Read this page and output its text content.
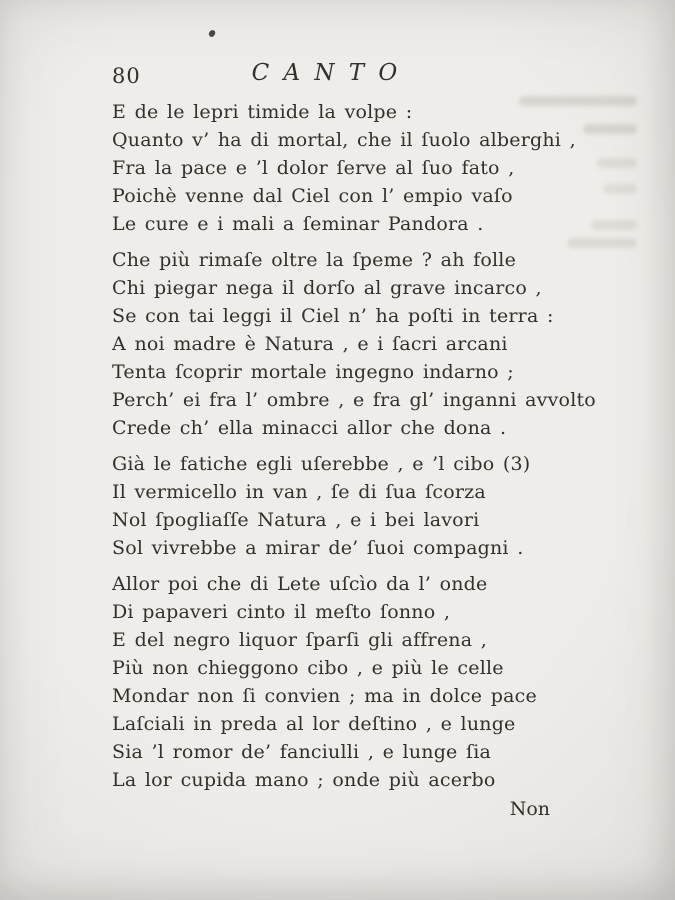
80	CANTO
E de le lepri timide la volpe :
Quanto v’ ha di mortal, che il ſuolo alberghi ,
Fra la pace e ’l dolor ſerve al ſuo fato ,
Poichè venne dal Ciel con l’ empio vaſo
Le cure e i mali a ſeminar Pandora .
Che più rimaſe oltre la ſpeme ? ah folle
Chi piegar nega il dorſo al grave incarco ,
Se con tai leggi il Ciel n’ ha poſti in terra :
A noi madre è Natura , e i ſacri arcani
Tenta ſcoprir mortale ingegno indarno ;
Perch’ ei fra l’ ombre , e fra gl’ inganni avvolto
Crede ch’ ella minacci allor che dona .
Già le fatiche egli uſerebbe , e ’l cibo (3)
Il vermicello in van , ſe di ſua ſcorza
Nol ſpogliaſſe Natura , e i bei lavori
Sol vivrebbe a mirar de’ ſuoi compagni .
Allor poi che di Lete uſcìo da l’ onde
Di papaveri cinto il meſto ſonno ,
E del negro liquor ſparſi gli affrena ,
Più non chieggono cibo , e più le celle
Mondar non ſi convien ; ma in dolce pace
Laſciali in preda al lor deſtino , e lunge
Sia ’l romor de’ fanciulli , e lunge ſia
La lor cupida mano ; onde più acerbo
Non
